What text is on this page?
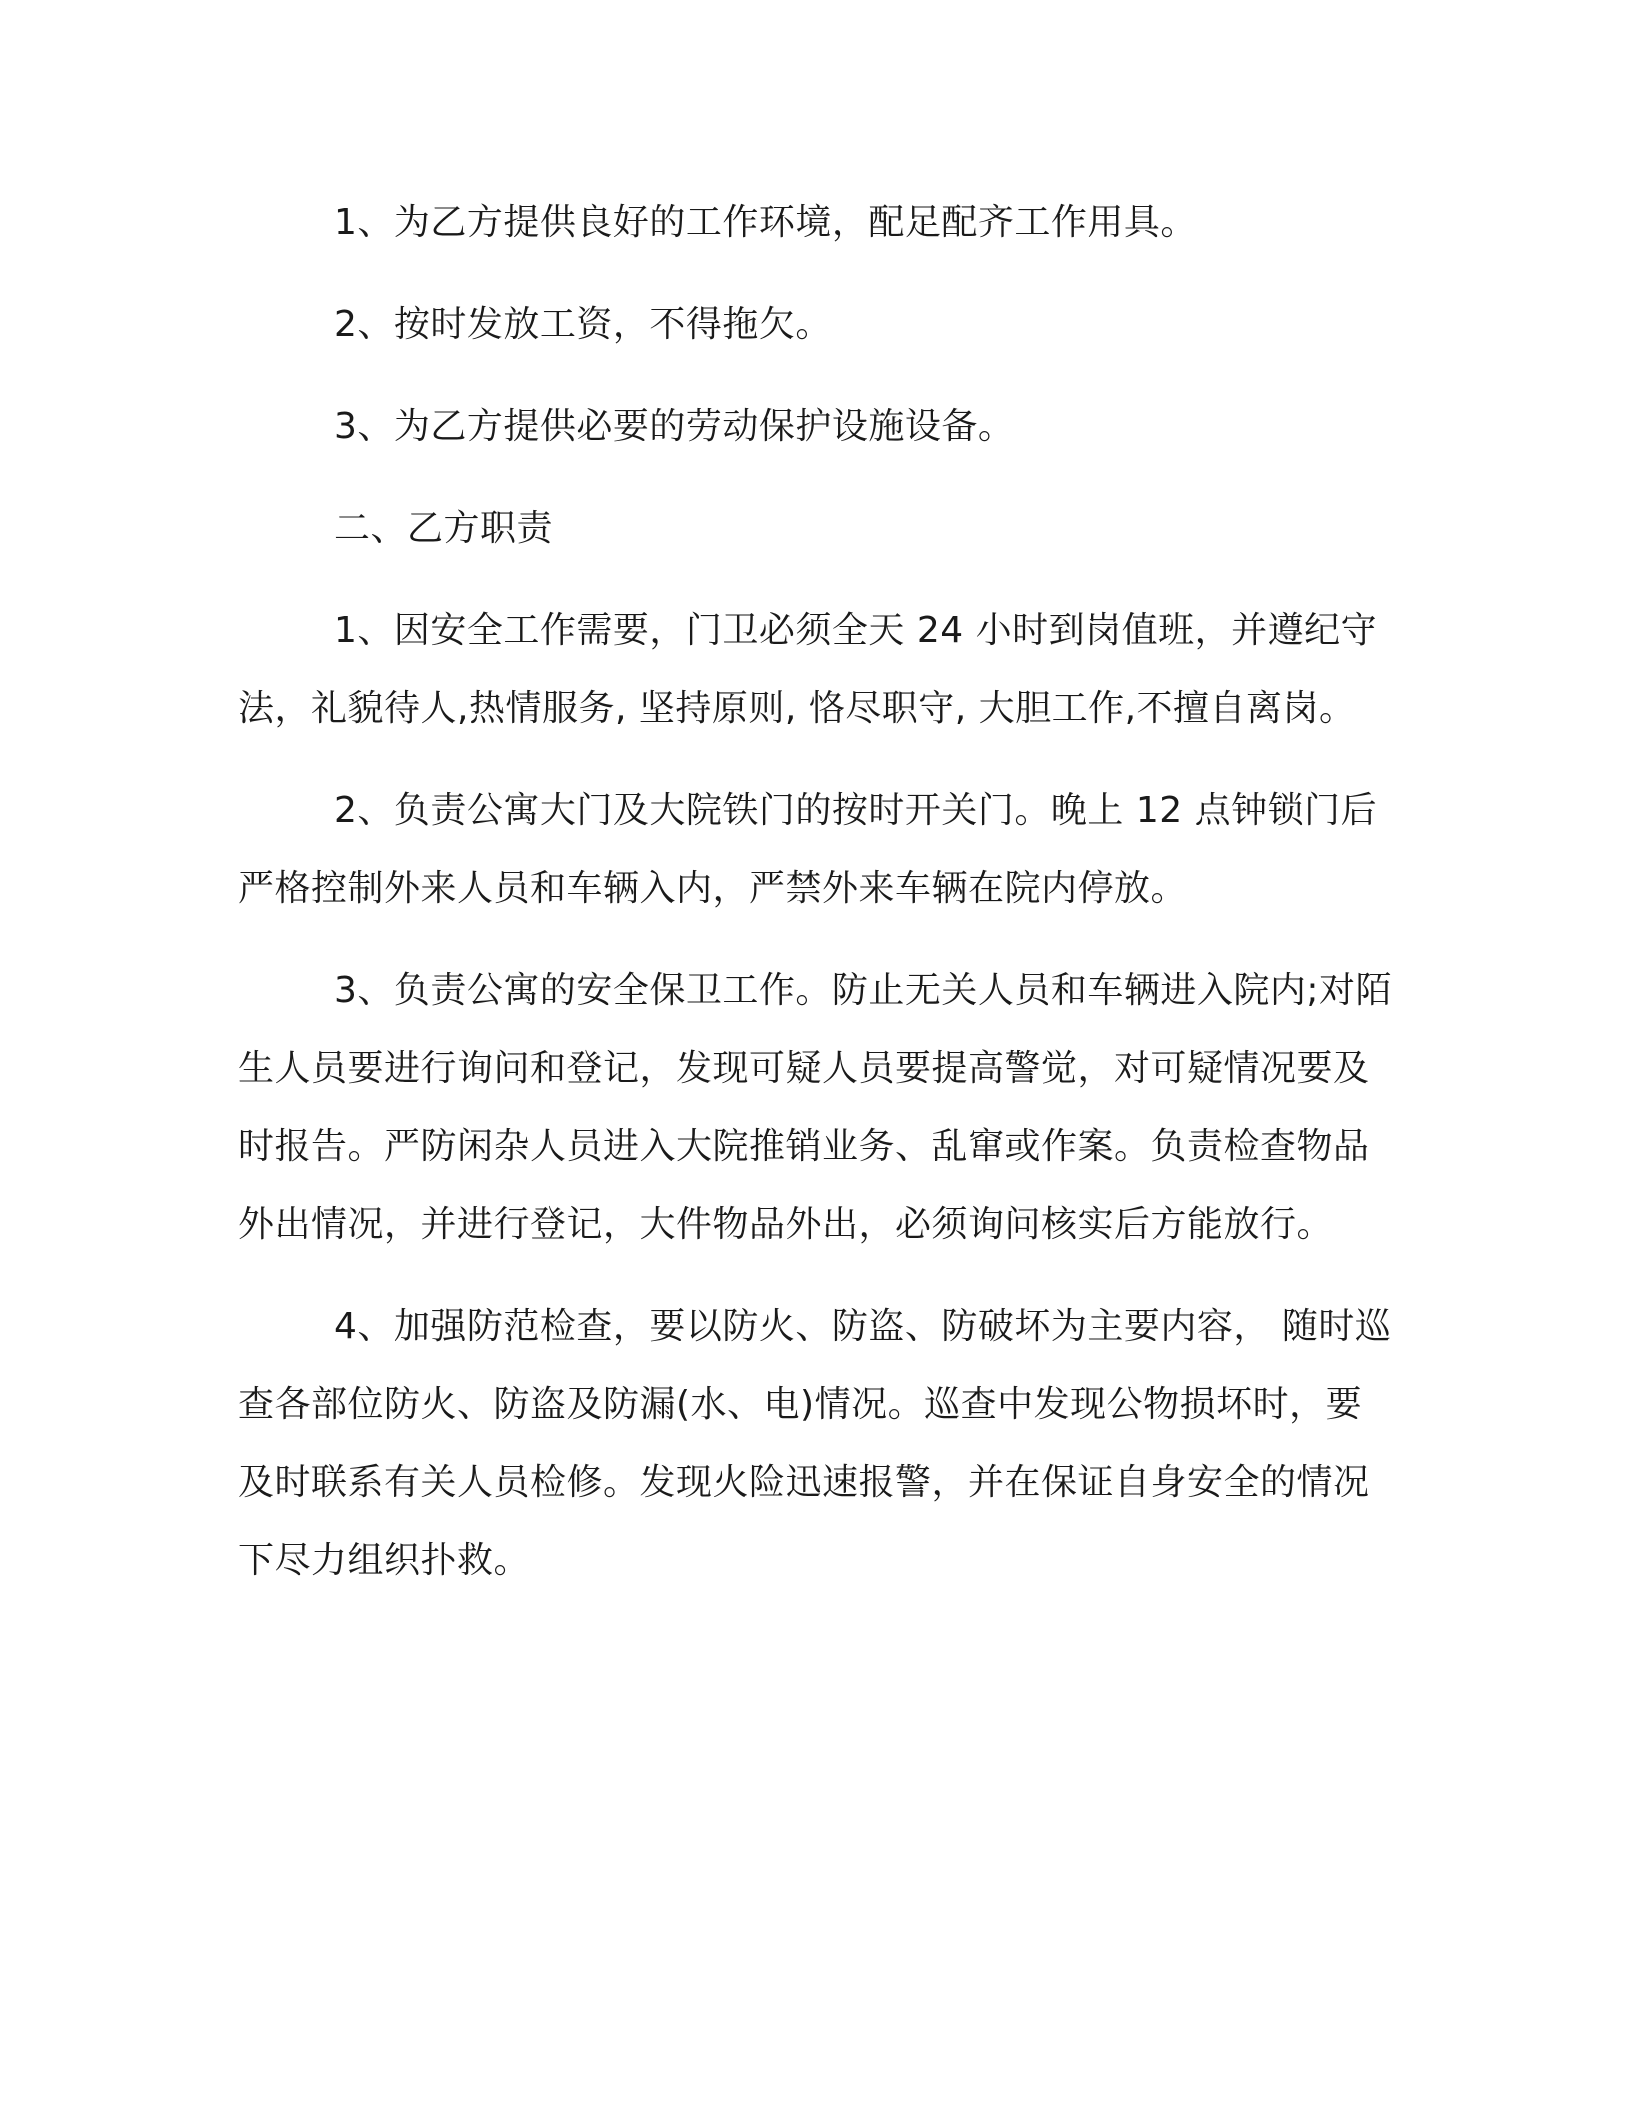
1、为乙方提供良好的工作环境，配足配齐工作用具。

2、按时发放工资，不得拖欠。

3、为乙方提供必要的劳动保护设施设备。

二、乙方职责

1、因安全工作需要，门卫必须全天 24 小时到岗值班，并遵纪守法，礼貌待人,热情服务, 坚持原则, 恪尽职守, 大胆工作,不擅自离岗。

2、负责公寓大门及大院铁门的按时开关门。晚上 12 点钟锁门后严格控制外来人员和车辆入内，严禁外来车辆在院内停放。

3、负责公寓的安全保卫工作。防止无关人员和车辆进入院内;对陌生人员要进行询问和登记，发现可疑人员要提高警觉，对可疑情况要及时报告。严防闲杂人员进入大院推销业务、乱窜或作案。负责检查物品外出情况，并进行登记，大件物品外出，必须询问核实后方能放行。

4、加强防范检查，要以防火、防盗、防破坏为主要内容， 随时巡查各部位防火、防盗及防漏(水、电)情况。巡查中发现公物损坏时，要及时联系有关人员检修。发现火险迅速报警，并在保证自身安全的情况下尽力组织扑救。
